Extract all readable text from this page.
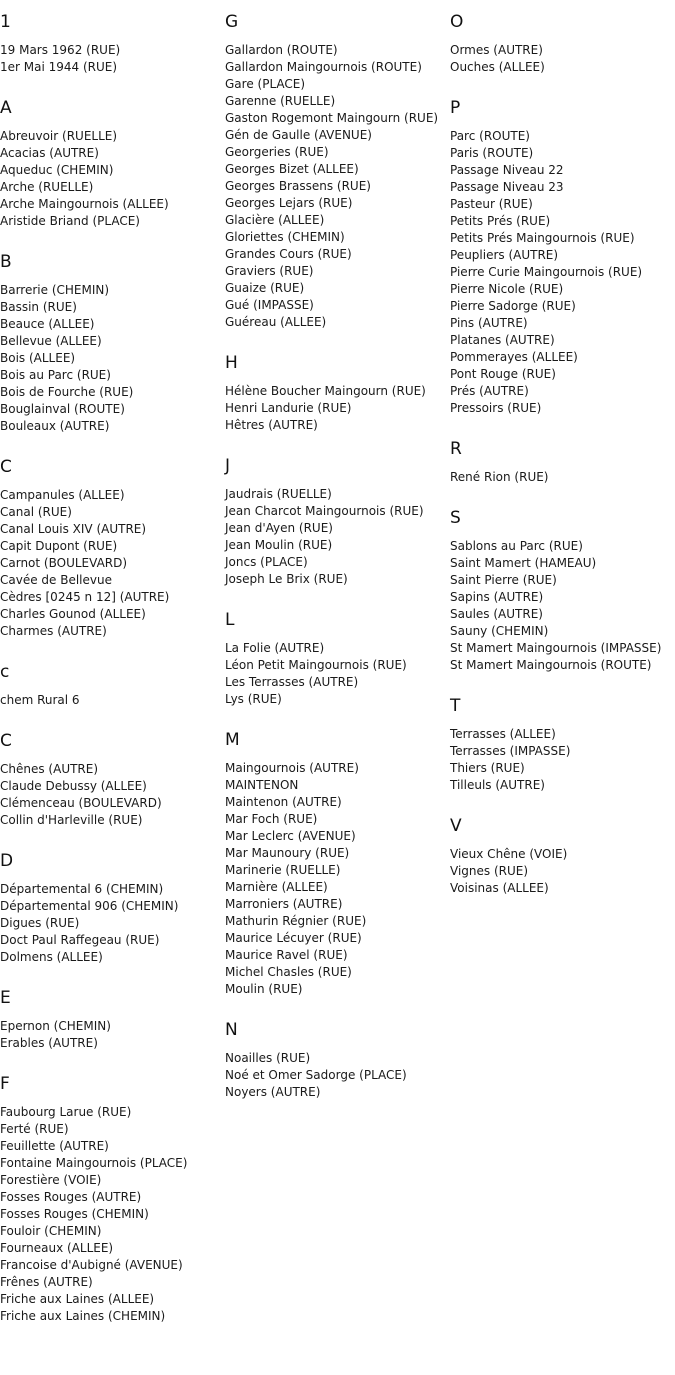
1
19 Mars 1962 (RUE)
1er Mai 1944 (RUE)
A
Abreuvoir (RUELLE)
Acacias (AUTRE)
Aqueduc (CHEMIN)
Arche (RUELLE)
Arche Maingournois (ALLEE)
Aristide Briand (PLACE)
B
Barrerie (CHEMIN)
Bassin (RUE)
Beauce (ALLEE)
Bellevue (ALLEE)
Bois (ALLEE)
Bois au Parc (RUE)
Bois de Fourche (RUE)
Bouglainval (ROUTE)
Bouleaux (AUTRE)
C
Campanules (ALLEE)
Canal (RUE)
Canal Louis XIV (AUTRE)
Capit Dupont (RUE)
Carnot (BOULEVARD)
Cavée de Bellevue
Cèdres [0245 n 12] (AUTRE)
Charles Gounod (ALLEE)
Charmes (AUTRE)
c
chem Rural 6
C
Chênes (AUTRE)
Claude Debussy (ALLEE)
Clémenceau (BOULEVARD)
Collin d'Harleville (RUE)
D
Départemental 6 (CHEMIN)
Départemental 906 (CHEMIN)
Digues (RUE)
Doct Paul Raffegeau (RUE)
Dolmens (ALLEE)
E
Epernon (CHEMIN)
Erables (AUTRE)
F
Faubourg Larue (RUE)
Ferté (RUE)
Feuillette (AUTRE)
Fontaine Maingournois (PLACE)
Forestière (VOIE)
Fosses Rouges (AUTRE)
Fosses Rouges (CHEMIN)
Fouloir (CHEMIN)
Fourneaux (ALLEE)
Francoise d'Aubigné (AVENUE)
Frênes (AUTRE)
Friche aux Laines (ALLEE)
Friche aux Laines (CHEMIN)
G
Gallardon (ROUTE)
Gallardon Maingournois (ROUTE)
Gare (PLACE)
Garenne (RUELLE)
Gaston Rogemont Maingourn (RUE)
Gén de Gaulle (AVENUE)
Georgeries (RUE)
Georges Bizet (ALLEE)
Georges Brassens (RUE)
Georges Lejars (RUE)
Glacière (ALLEE)
Gloriettes (CHEMIN)
Grandes Cours (RUE)
Graviers (RUE)
Guaize (RUE)
Gué (IMPASSE)
Guéreau (ALLEE)
H
Hélène Boucher Maingourn (RUE)
Henri Landurie (RUE)
Hêtres (AUTRE)
J
Jaudrais (RUELLE)
Jean Charcot Maingournois (RUE)
Jean d'Ayen (RUE)
Jean Moulin (RUE)
Joncs (PLACE)
Joseph Le Brix (RUE)
L
La Folie (AUTRE)
Léon Petit Maingournois (RUE)
Les Terrasses (AUTRE)
Lys (RUE)
M
Maingournois (AUTRE)
MAINTENON
Maintenon (AUTRE)
Mar Foch (RUE)
Mar Leclerc (AVENUE)
Mar Maunoury (RUE)
Marinerie (RUELLE)
Marnière (ALLEE)
Marroniers (AUTRE)
Mathurin Régnier (RUE)
Maurice Lécuyer (RUE)
Maurice Ravel (RUE)
Michel Chasles (RUE)
Moulin (RUE)
N
Noailles (RUE)
Noé et Omer Sadorge (PLACE)
Noyers (AUTRE)
O
Ormes (AUTRE)
Ouches (ALLEE)
P
Parc (ROUTE)
Paris (ROUTE)
Passage Niveau 22
Passage Niveau 23
Pasteur (RUE)
Petits Prés (RUE)
Petits Prés Maingournois (RUE)
Peupliers (AUTRE)
Pierre Curie Maingournois (RUE)
Pierre Nicole (RUE)
Pierre Sadorge (RUE)
Pins (AUTRE)
Platanes (AUTRE)
Pommerayes (ALLEE)
Pont Rouge (RUE)
Prés (AUTRE)
Pressoirs (RUE)
R
René Rion (RUE)
S
Sablons au Parc (RUE)
Saint Mamert (HAMEAU)
Saint Pierre (RUE)
Sapins (AUTRE)
Saules (AUTRE)
Sauny (CHEMIN)
St Mamert Maingournois (IMPASSE)
St Mamert Maingournois (ROUTE)
T
Terrasses (ALLEE)
Terrasses (IMPASSE)
Thiers (RUE)
Tilleuls (AUTRE)
V
Vieux Chêne (VOIE)
Vignes (RUE)
Voisinas (ALLEE)
